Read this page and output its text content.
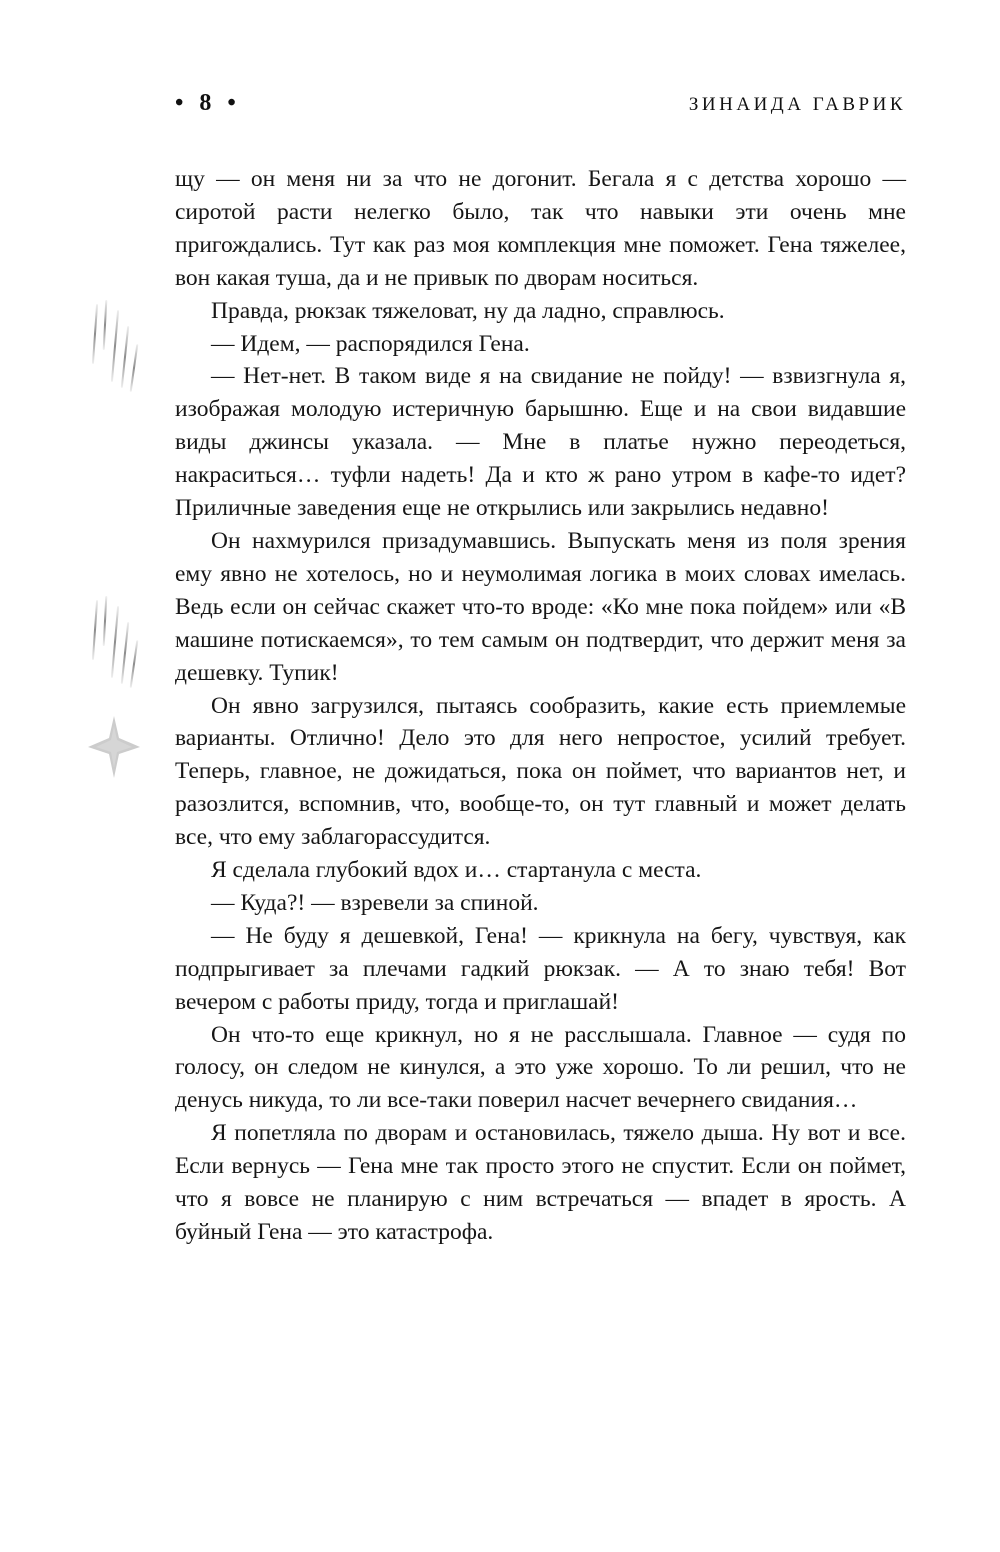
• 8 •	ЗИНАИДА ГАВРИК

щу — он меня ни за что не догонит. Бегала я с детства хорошо — сиротой расти нелегко было, так что навыки эти очень мне пригождались. Тут как раз моя комплекция мне поможет. Гена тяжелее, вон какая туша, да и не привык по дворам носиться.

Правда, рюкзак тяжеловат, ну да ладно, справлюсь.

— Идем, — распорядился Гена.

— Нет-нет. В таком виде я на свидание не пойду! — взвизгнула я, изображая молодую истеричную барышню. Еще и на свои видавшие виды джинсы указала. — Мне в платье нужно переодеться, накраситься… туфли надеть! Да и кто ж рано утром в кафе-то идет? Приличные заведения еще не открылись или закрылись недавно!

Он нахмурился призадумавшись. Выпускать меня из поля зрения ему явно не хотелось, но и неумолимая логика в моих словах имелась. Ведь если он сейчас скажет что-то вроде: «Ко мне пока пойдем» или «В машине потискаемся», то тем самым он подтвердит, что держит меня за дешевку. Тупик!

Он явно загрузился, пытаясь сообразить, какие есть приемлемые варианты. Отлично! Дело это для него непростое, усилий требует. Теперь, главное, не дожидаться, пока он поймет, что вариантов нет, и разозлится, вспомнив, что, вообще-то, он тут главный и может делать все, что ему заблагорассудится.

Я сделала глубокий вдох и… стартанула с места.

— Куда?! — взревели за спиной.

— Не буду я дешевкой, Гена! — крикнула на бегу, чувствуя, как подпрыгивает за плечами гадкий рюкзак. — А то знаю тебя! Вот вечером с работы приду, тогда и приглашай!

Он что-то еще крикнул, но я не расслышала. Главное — судя по голосу, он следом не кинулся, а это уже хорошо. То ли решил, что не денусь никуда, то ли все-таки поверил насчет вечернего свидания…

Я попетляла по дворам и остановилась, тяжело дыша. Ну вот и все. Если вернусь — Гена мне так просто этого не спустит. Если он поймет, что я вовсе не планирую с ним встречаться — впадет в ярость. А буйный Гена — это катастрофа.
